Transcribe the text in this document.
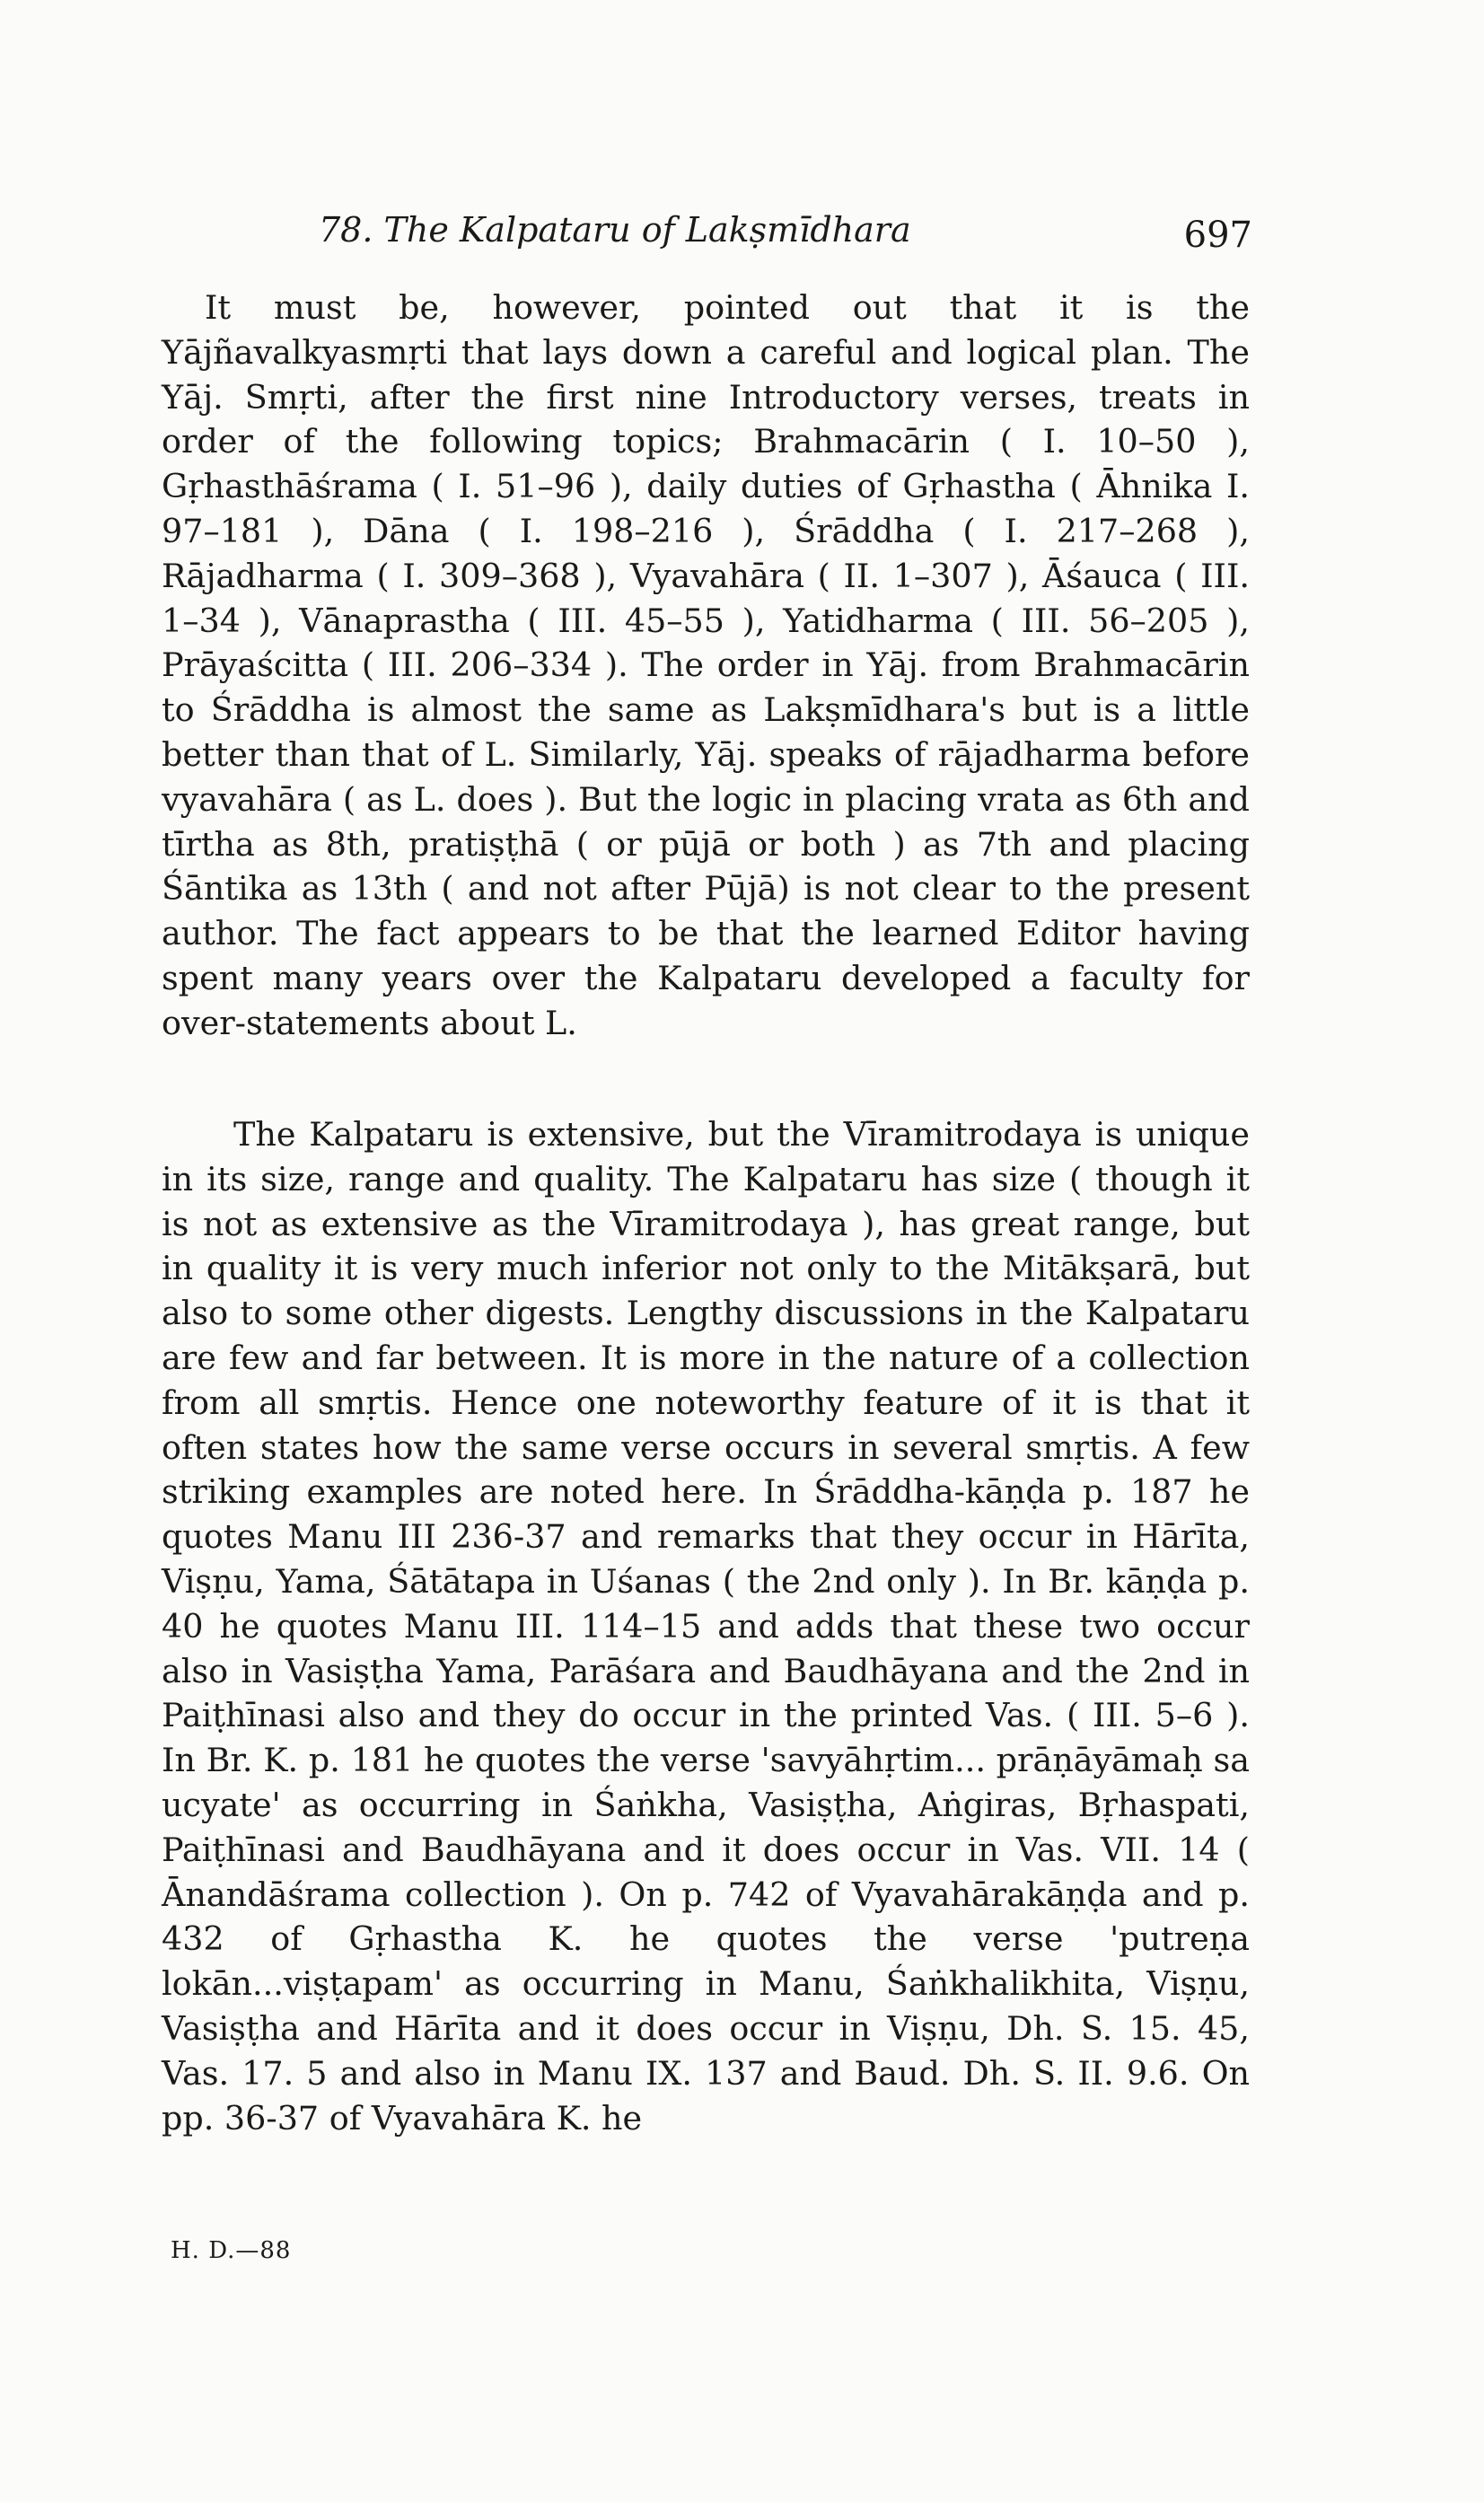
78. The Kalpataru of Lakṣmīdhara	697

It must be, however, pointed out that it is the Yājñavalkyasmṛti that lays down a careful and logical plan. The Yāj. Smṛti, after the first nine Introductory verses, treats in order of the following topics; Brahmacārin ( I. 10–50 ), Gṛhasthāśrama ( I. 51–96 ), daily duties of Gṛhastha ( Āhnika I. 97–181 ), Dāna ( I. 198–216 ), Śrāddha ( I. 217–268 ), Rājadharma ( I. 309–368 ), Vyavahāra ( II. 1–307 ), Āśauca ( III. 1–34 ), Vānaprastha ( III. 45–55 ), Yatidharma ( III. 56–205 ), Prāyaścitta ( III. 206–334 ). The order in Yāj. from Brahmacārin to Śrāddha is almost the same as Lakṣmīdhara's but is a little better than that of L. Similarly, Yāj. speaks of rājadharma before vyavahāra ( as L. does ). But the logic in placing vrata as 6th and tīrtha as 8th, pratiṣṭhā ( or pūjā or both ) as 7th and placing Śāntika as 13th ( and not after Pūjā) is not clear to the present author. The fact appears to be that the learned Editor having spent many years over the Kalpataru developed a faculty for over-statements about L.

The Kalpataru is extensive, but the Vīramitrodaya is unique in its size, range and quality. The Kalpataru has size ( though it is not as extensive as the Vīramitrodaya ), has great range, but in quality it is very much inferior not only to the Mitākṣarā, but also to some other digests. Lengthy discussions in the Kalpataru are few and far between. It is more in the nature of a collection from all smṛtis. Hence one noteworthy feature of it is that it often states how the same verse occurs in several smṛtis. A few striking examples are noted here. In Śrāddha-kāṇḍa p. 187 he quotes Manu III 236-37 and remarks that they occur in Hārīta, Viṣṇu, Yama, Śātātapa in Uśanas ( the 2nd only ). In Br. kāṇḍa p. 40 he quotes Manu III. 114–15 and adds that these two occur also in Vasiṣṭha Yama, Parāśara and Baudhāyana and the 2nd in Paiṭhīnasi also and they do occur in the printed Vas. ( III. 5–6 ). In Br. K. p. 181 he quotes the verse 'savyāhṛtim... prāṇāyāmaḥ sa ucyate' as occurring in Śaṅkha, Vasiṣṭha, Aṅgiras, Bṛhaspati, Paiṭhīnasi and Baudhāyana and it does occur in Vas. VII. 14 ( Ānandāśrama collection ). On p. 742 of Vyavahārakāṇḍa and p. 432 of Gṛhastha K. he quotes the verse 'putreṇa lokān...viṣṭapam' as occurring in Manu, Śaṅkhalikhita, Viṣṇu, Vasiṣṭha and Hārīta and it does occur in Viṣṇu, Dh. S. 15. 45, Vas. 17. 5 and also in Manu IX. 137 and Baud. Dh. S. II. 9.6. On pp. 36-37 of Vyavahāra K. he

H. D.—88
